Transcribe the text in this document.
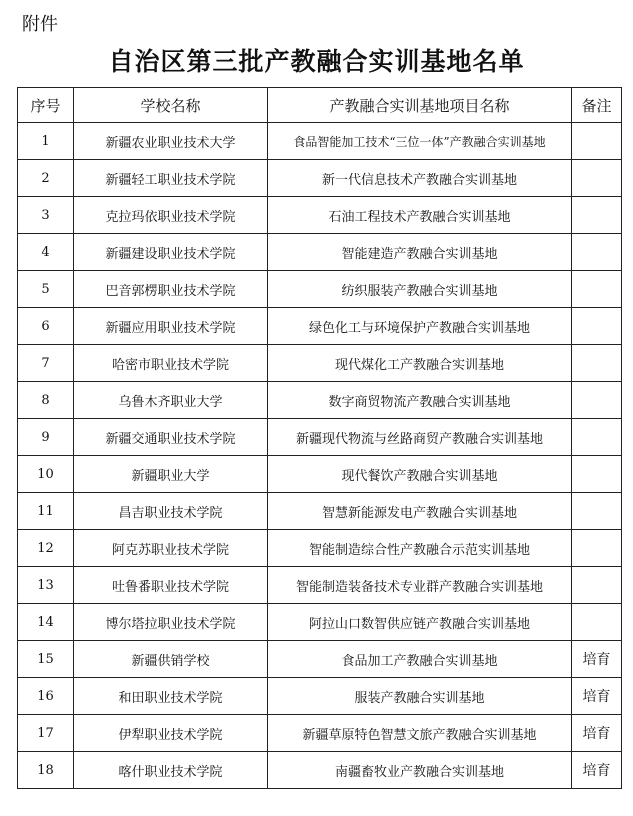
附件
自治区第三批产教融合实训基地名单
序号	学校名称	产教融合实训基地项目名称	备注
1	新疆农业职业技术大学	食品智能加工技术“三位一体”产教融合实训基地	
2	新疆轻工职业技术学院	新一代信息技术产教融合实训基地	
3	克拉玛依职业技术学院	石油工程技术产教融合实训基地	
4	新疆建设职业技术学院	智能建造产教融合实训基地	
5	巴音郭楞职业技术学院	纺织服装产教融合实训基地	
6	新疆应用职业技术学院	绿色化工与环境保护产教融合实训基地	
7	哈密市职业技术学院	现代煤化工产教融合实训基地	
8	乌鲁木齐职业大学	数字商贸物流产教融合实训基地	
9	新疆交通职业技术学院	新疆现代物流与丝路商贸产教融合实训基地	
10	新疆职业大学	现代餐饮产教融合实训基地	
11	昌吉职业技术学院	智慧新能源发电产教融合实训基地	
12	阿克苏职业技术学院	智能制造综合性产教融合示范实训基地	
13	吐鲁番职业技术学院	智能制造装备技术专业群产教融合实训基地	
14	博尔塔拉职业技术学院	阿拉山口数智供应链产教融合实训基地	
15	新疆供销学校	食品加工产教融合实训基地	培育
16	和田职业技术学院	服装产教融合实训基地	培育
17	伊犁职业技术学院	新疆草原特色智慧文旅产教融合实训基地	培育
18	喀什职业技术学院	南疆畜牧业产教融合实训基地	培育
